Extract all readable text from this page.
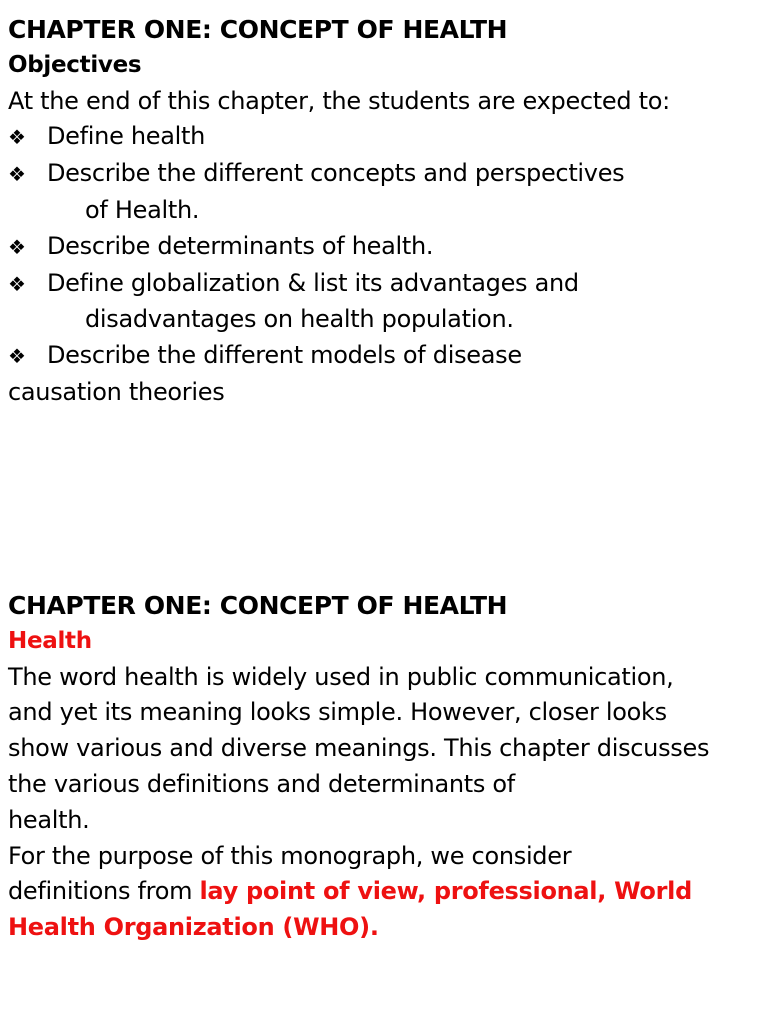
CHAPTER ONE: CONCEPT OF HEALTH
Objectives
At the end of this chapter, the students are expected to:
❖ Define health
❖ Describe the different concepts and perspectives
of Health.
❖ Describe determinants of health.
❖ Define globalization & list its advantages and
disadvantages on health population.
❖ Describe the different models of disease
causation theories
CHAPTER ONE: CONCEPT OF HEALTH
Health
The word health is widely used in public communication,
and yet its meaning looks simple. However, closer looks
show various and diverse meanings. This chapter discusses
the various definitions and determinants of
health.
For the purpose of this monograph, we consider
definitions from lay point of view, professional, World
Health Organization (WHO).
